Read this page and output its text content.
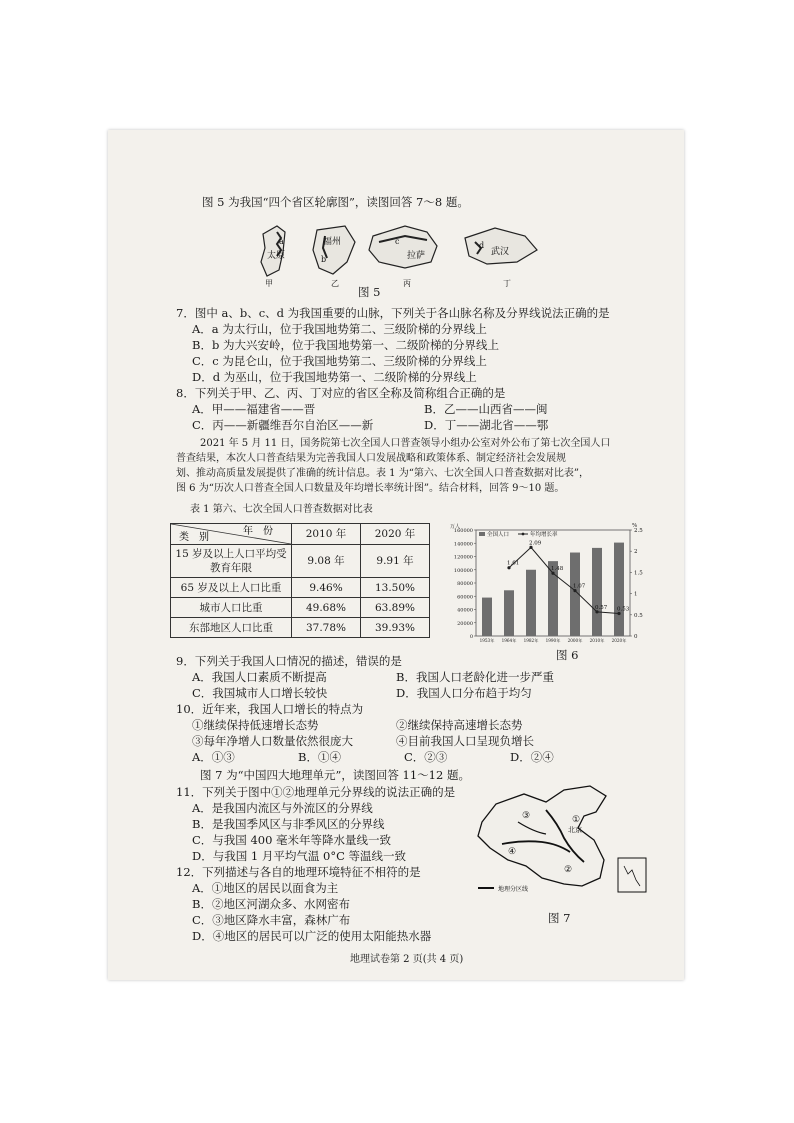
图 5 为我国“四个省区轮廓图”，读图回答 7～8 题。
太原
福州
拉萨	武汉
a
b
c	d
甲	乙	丙	丁
图 5
7．图中 a、b、c、d 为我国重要的山脉，下列关于各山脉名称及分界线说法正确的是
A．a 为太行山，位于我国地势第二、三级阶梯的分界线上
B．b 为大兴安岭，位于我国地势第一、二级阶梯的分界线上
C．c 为昆仑山，位于我国地势第二、三级阶梯的分界线上
D．d 为巫山，位于我国地势第一、二级阶梯的分界线上
8．下列关于甲、乙、丙、丁对应的省区全称及简称组合正确的是
A．甲——福建省——晋	B．乙——山西省——闽
C．丙——新疆维吾尔自治区——新	D．丁——湖北省——鄂
2021 年 5 月 11 日，国务院第七次全国人口普查领导小组办公室对外公布了第七次全国人口
普查结果，本次人口普查结果为完善我国人口发展战略和政策体系、制定经济社会发展规
划、推动高质量发展提供了准确的统计信息。表 1 为“第六、七次全国人口普查数据对比表”，
图 6 为“历次人口普查全国人口数量及年均增长率统计图”。结合材料，回答 9～10 题。
表 1 第六、七次全国人口普查数据对比表
类　别
年　份	2010 年	2020 年
15 岁及以上人口平均受教育年限	9.08 年	9.91 年
65 岁及以上人口比重	9.46%	13.50%
城市人口比重	49.68%	63.89%
东部地区人口比重	37.78%	39.93%
160000
140000
120000
100000
80000
60000
40000
20000
0
2.5
2
1.5
1
0.5
0
万人	%
1953年 1964年 1982年 1990年 2000年 2010年 2020年
1.61
2.09
1.48
1.07
0.57 0.53
全国人口	年均增长率
图 6
9．下列关于我国人口情况的描述，错误的是
A．我国人口素质不断提高	B．我国人口老龄化进一步严重
C．我国城市人口增长较快	D．我国人口分布趋于均匀
10．近年来，我国人口增长的特点为
①继续保持低速增长态势	②继续保持高速增长态势
③每年净增人口数量依然很庞大	④目前我国人口呈现负增长
A．①③	B．①④	C．②③	D．②④
图 7 为“中国四大地理单元”，读图回答 11～12 题。
11．下列关于图中①②地理单元分界线的说法正确的是
A．是我国内流区与外流区的分界线
B．是我国季风区与非季风区的分界线
C．与我国 400 毫米年等降水量线一致
D．与我国 1 月平均气温 0°C 等温线一致
12．下列描述与各自的地理环境特征不相符的是
A．①地区的居民以面食为主
B．②地区河湖众多、水网密布
C．③地区降水丰富，森林广布
D．④地区的居民可以广泛的使用太阳能热水器
地理分区线
③	①
④
②
北京
图 7
地理试卷第 2 页(共 4 页)
